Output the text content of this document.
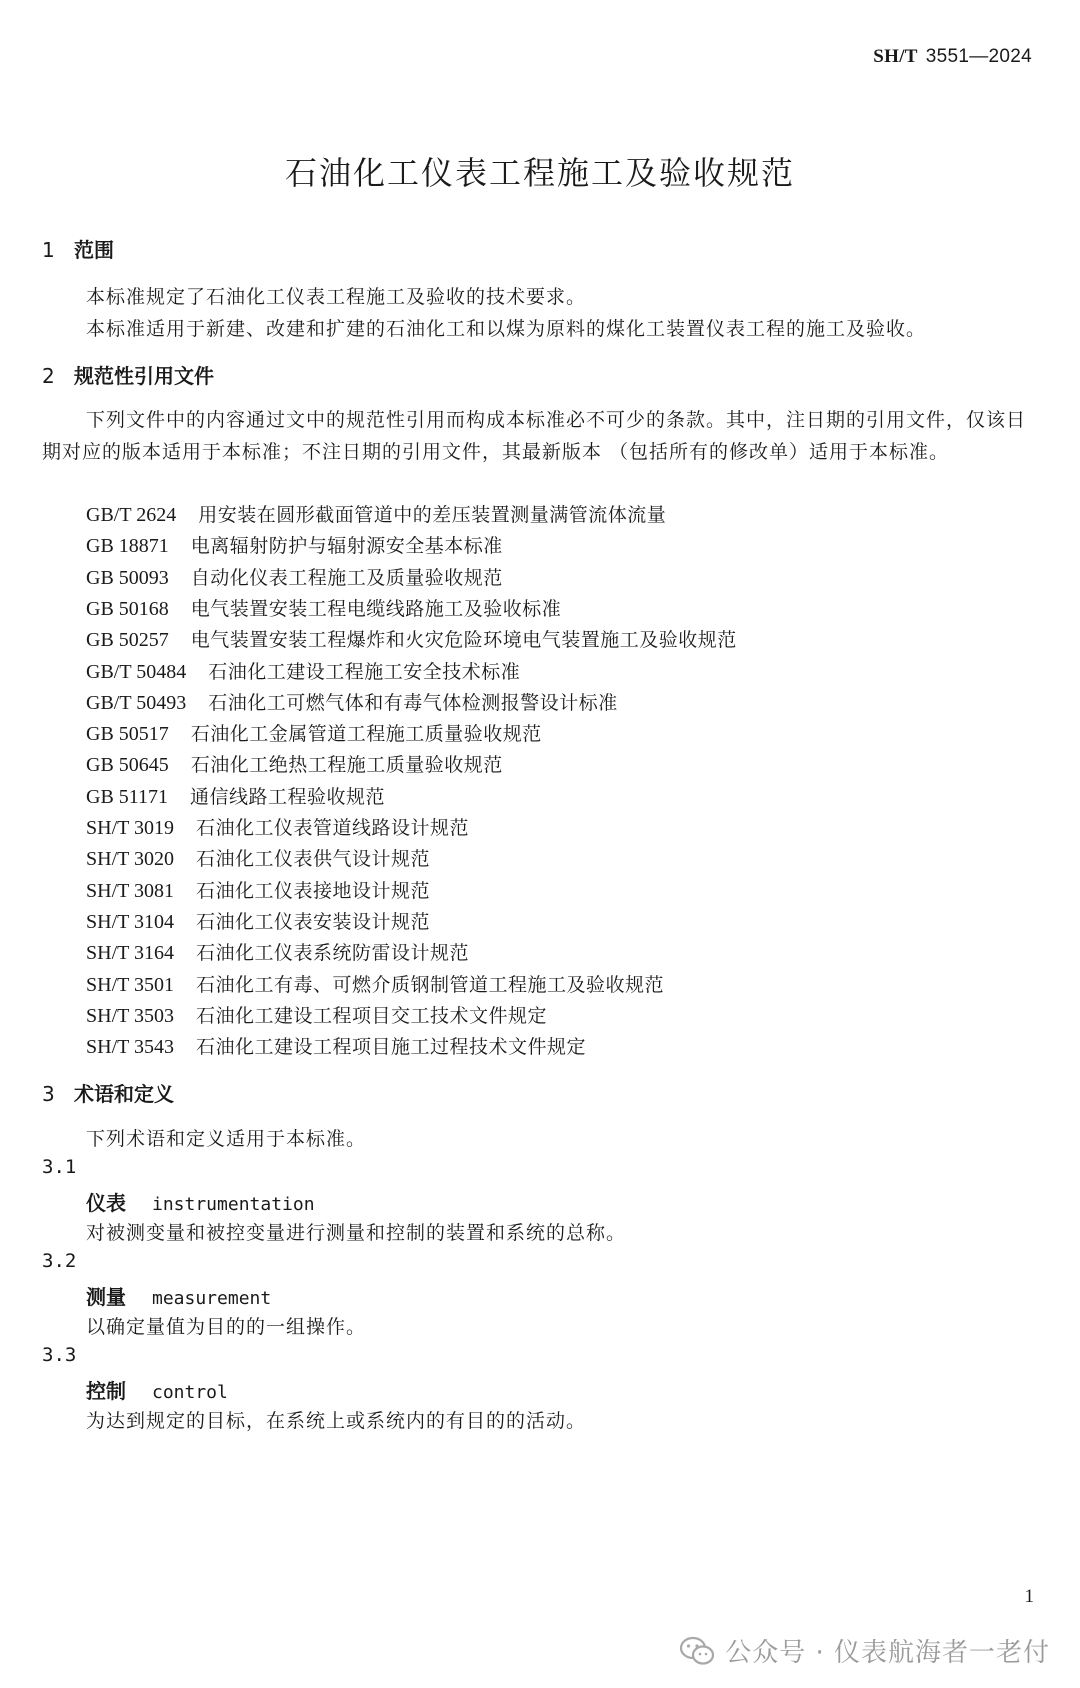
SH/T 3551—2024
石油化工仪表工程施工及验收规范
1 范围
本标准规定了石油化工仪表工程施工及验收的技术要求。
本标准适用于新建、改建和扩建的石油化工和以煤为原料的煤化工装置仪表工程的施工及验收。
2 规范性引用文件
下列文件中的内容通过文中的规范性引用而构成本标准必不可少的条款。其中，注日期的引用文件，仅该日期对应的版本适用于本标准；不注日期的引用文件，其最新版本 （包括所有的修改单）适用于本标准。
GB/T 2624 用安装在圆形截面管道中的差压装置测量满管流体流量
GB 18871 电离辐射防护与辐射源安全基本标准
GB 50093 自动化仪表工程施工及质量验收规范
GB 50168 电气装置安装工程电缆线路施工及验收标准
GB 50257 电气装置安装工程爆炸和火灾危险环境电气装置施工及验收规范
GB/T 50484 石油化工建设工程施工安全技术标准
GB/T 50493 石油化工可燃气体和有毒气体检测报警设计标准
GB 50517 石油化工金属管道工程施工质量验收规范
GB 50645 石油化工绝热工程施工质量验收规范
GB 51171 通信线路工程验收规范
SH/T 3019 石油化工仪表管道线路设计规范
SH/T 3020 石油化工仪表供气设计规范
SH/T 3081 石油化工仪表接地设计规范
SH/T 3104 石油化工仪表安装设计规范
SH/T 3164 石油化工仪表系统防雷设计规范
SH/T 3501 石油化工有毒、可燃介质钢制管道工程施工及验收规范
SH/T 3503 石油化工建设工程项目交工技术文件规定
SH/T 3543 石油化工建设工程项目施工过程技术文件规定
3 术语和定义
下列术语和定义适用于本标准。
3.1
仪表 instrumentation
对被测变量和被控变量进行测量和控制的装置和系统的总称。
3.2
测量 measurement
以确定量值为目的的一组操作。
3.3
控制 control
为达到规定的目标，在系统上或系统内的有目的的活动。
1
公众号 · 仪表航海者一老付
